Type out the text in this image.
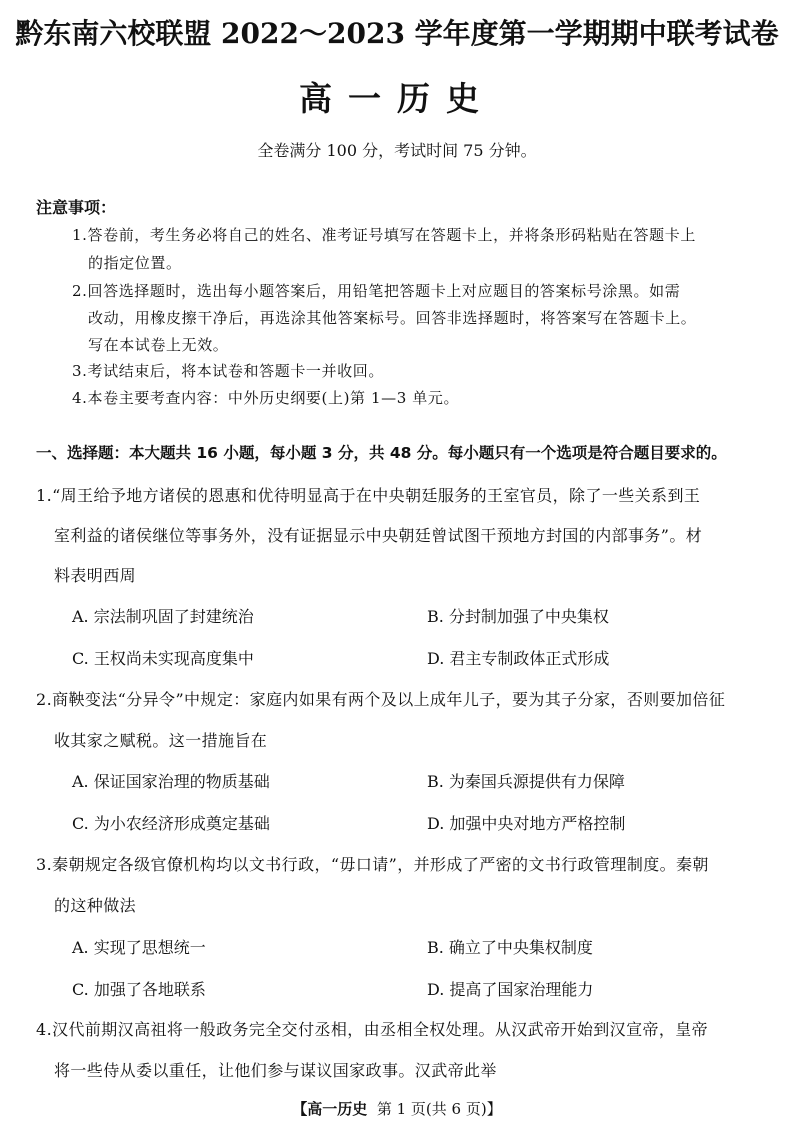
黔东南六校联盟 2022～2023 学年度第一学期期中联考试卷
高一历史
全卷满分 100 分，考试时间 75 分钟。
注意事项：
1.答卷前，考生务必将自己的姓名、准考证号填写在答题卡上，并将条形码粘贴在答题卡上
的指定位置。
2.回答选择题时，选出每小题答案后，用铅笔把答题卡上对应题目的答案标号涂黑。如需
改动，用橡皮擦干净后，再选涂其他答案标号。回答非选择题时，将答案写在答题卡上。
写在本试卷上无效。
3.考试结束后，将本试卷和答题卡一并收回。
4.本卷主要考查内容：中外历史纲要(上)第 1—3 单元。
一、选择题：本大题共 16 小题，每小题 3 分，共 48 分。每小题只有一个选项是符合题目要求的。
1.“周王给予地方诸侯的恩惠和优待明显高于在中央朝廷服务的王室官员，除了一些关系到王
室利益的诸侯继位等事务外，没有证据显示中央朝廷曾试图干预地方封国的内部事务”。材
料表明西周
A. 宗法制巩固了封建统治	B. 分封制加强了中央集权
C. 王权尚未实现高度集中	D. 君主专制政体正式形成
2.商鞅变法“分异令”中规定：家庭内如果有两个及以上成年儿子，要为其子分家，否则要加倍征
收其家之赋税。这一措施旨在
A. 保证国家治理的物质基础	B. 为秦国兵源提供有力保障
C. 为小农经济形成奠定基础	D. 加强中央对地方严格控制
3.秦朝规定各级官僚机构均以文书行政，“毋口请”，并形成了严密的文书行政管理制度。秦朝
的这种做法
A. 实现了思想统一	B. 确立了中央集权制度
C. 加强了各地联系	D. 提高了国家治理能力
4.汉代前期汉高祖将一般政务完全交付丞相，由丞相全权处理。从汉武帝开始到汉宣帝，皇帝
将一些侍从委以重任，让他们参与谋议国家政事。汉武帝此举
【高一历史 第 1 页(共 6 页)】
